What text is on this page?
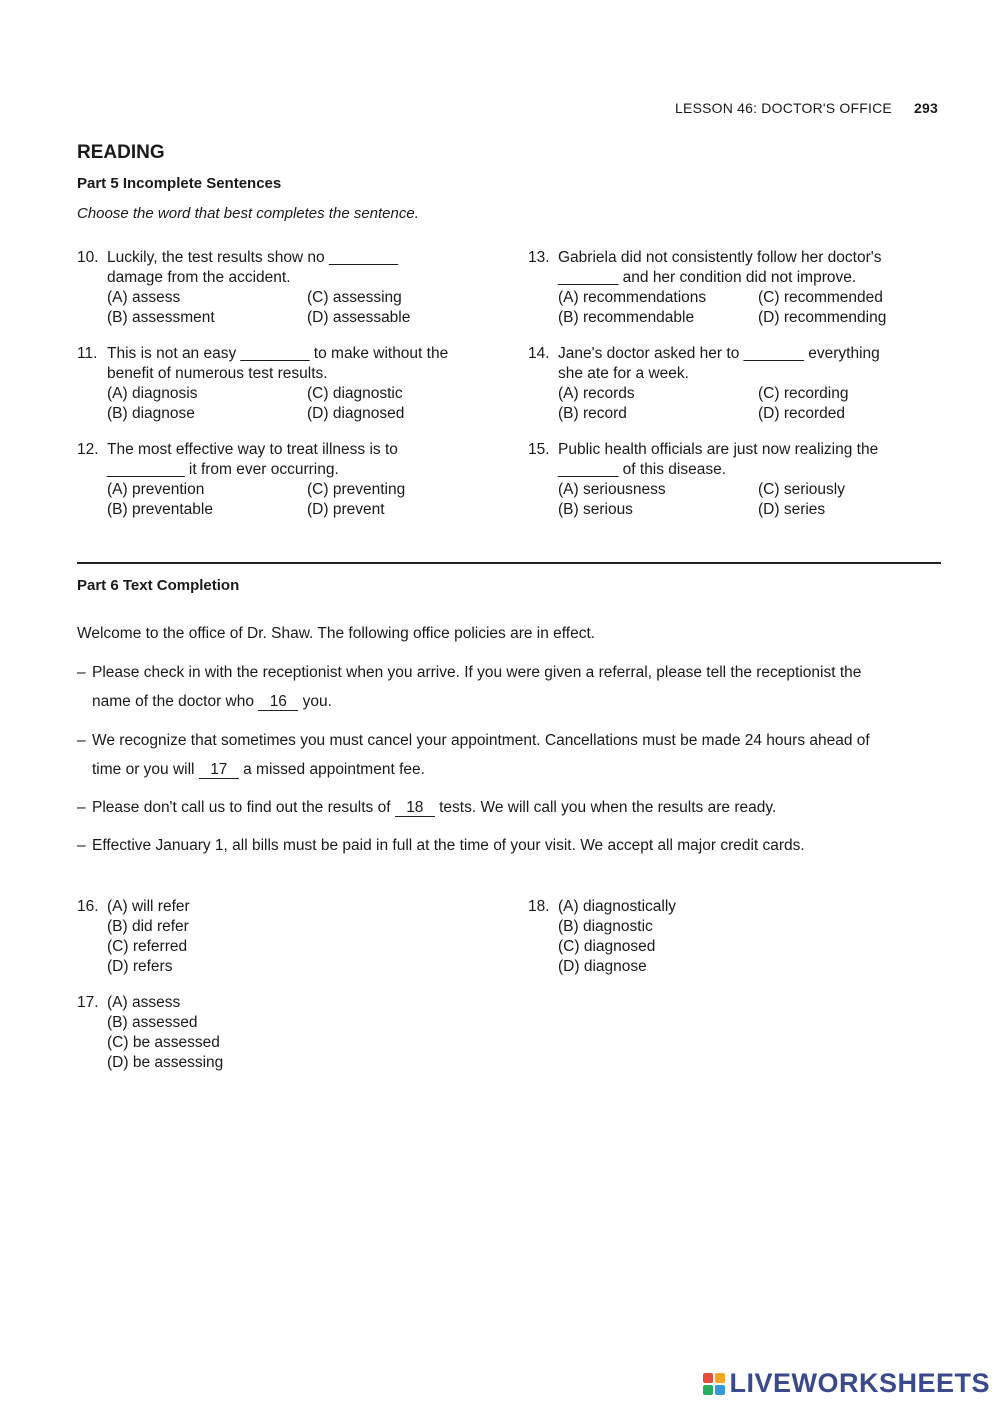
LESSON 46: DOCTOR'S OFFICE 293
READING
Part 5 Incomplete Sentences
Choose the word that best completes the sentence.
10. Luckily, the test results show no ________
damage from the accident.
(A) assess	(C) assessing
(B) assessment	(D) assessable
11. This is not an easy ________ to make without the
benefit of numerous test results.
(A) diagnosis	(C) diagnostic
(B) diagnose	(D) diagnosed
12. The most effective way to treat illness is to
_________ it from ever occurring.
(A) prevention	(C) preventing
(B) preventable	(D) prevent
13. Gabriela did not consistently follow her doctor's
_______ and her condition did not improve.
(A) recommendations	(C) recommended
(B) recommendable	(D) recommending
14. Jane's doctor asked her to _______ everything
she ate for a week.
(A) records	(C) recording
(B) record	(D) recorded
15. Public health officials are just now realizing the
_______ of this disease.
(A) seriousness	(C) seriously
(B) serious	(D) series
Part 6 Text Completion
Welcome to the office of Dr. Shaw. The following office policies are in effect.
– Please check in with the receptionist when you arrive. If you were given a referral, please tell the receptionist the
name of the doctor who 16 you.
– We recognize that sometimes you must cancel your appointment. Cancellations must be made 24 hours ahead of
time or you will 17 a missed appointment fee.
– Please don't call us to find out the results of 18 tests. We will call you when the results are ready.
– Effective January 1, all bills must be paid in full at the time of your visit. We accept all major credit cards.
16. (A) will refer
(B) did refer
(C) referred
(D) refers
17. (A) assess
(B) assessed
(C) be assessed
(D) be assessing
18. (A) diagnostically
(B) diagnostic
(C) diagnosed
(D) diagnose
LIVEWORKSHEETS
